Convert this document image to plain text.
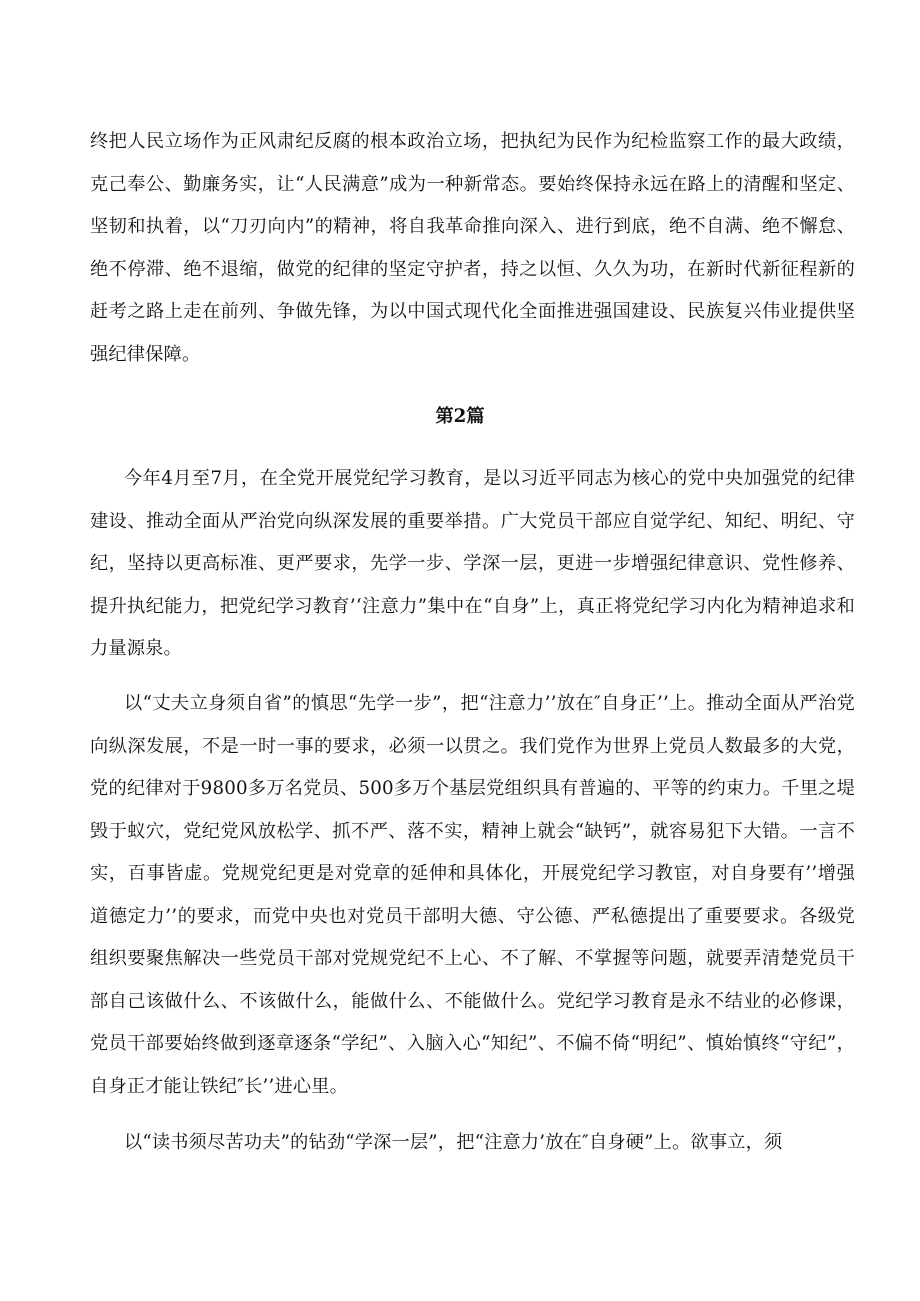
终把人民立场作为正风肃纪反腐的根本政治立场，把执纪为民作为纪检监察工作的最大政绩，克己奉公、勤廉务实，让“人民满意”成为一种新常态。要始终保持永远在路上的清醒和坚定、坚韧和执着，以“刀刃向内”的精神，将自我革命推向深入、进行到底，绝不自满、绝不懈怠、绝不停滞、绝不退缩，做党的纪律的坚定守护者，持之以恒、久久为功，在新时代新征程新的赶考之路上走在前列、争做先锋，为以中国式现代化全面推进强国建设、民族复兴伟业提供坚强纪律保障。

第2篇

今年4月至7月，在全党开展党纪学习教育，是以习近平同志为核心的党中央加强党的纪律建设、推动全面从严治党向纵深发展的重要举措。广大党员干部应自觉学纪、知纪、明纪、守纪，坚持以更高标准、更严要求，先学一步、学深一层，更进一步增强纪律意识、党性修养、提升执纪能力，把党纪学习教育’‘注意力”集中在“自身”上，真正将党纪学习内化为精神追求和力量源泉。

以“丈夫立身须自省”的慎思“先学一步”，把“注意力’’放在″自身正’’上。推动全面从严治党向纵深发展，不是一时一事的要求，必须一以贯之。我们党作为世界上党员人数最多的大党，党的纪律对于9800多万名党员、500多万个基层党组织具有普遍的、平等的约束力。千里之堤毁于蚁穴，党纪党风放松学、抓不严、落不实，精神上就会“缺钙”，就容易犯下大错。一言不实，百事皆虚。党规党纪更是对党章的延伸和具体化，开展党纪学习教宦，对自身要有’’增强道德定力’’的要求，而党中央也对党员干部明大德、守公德、严私德提出了重要要求。各级党组织要聚焦解决一些党员干部对党规党纪不上心、不了解、不掌握等问题，就要弄清楚党员干部自己该做什么、不该做什么，能做什么、不能做什么。党纪学习教育是永不结业的必修课，党员干部要始终做到逐章逐条“学纪”、入脑入心“知纪”、不偏不倚“明纪”、慎始慎终“守纪”，自身正才能让铁纪″长’’进心里。

以“读书须尽苦功夫”的钻劲“学深一层”，把“注意力’放在″自身硬”上。欲事立，须
